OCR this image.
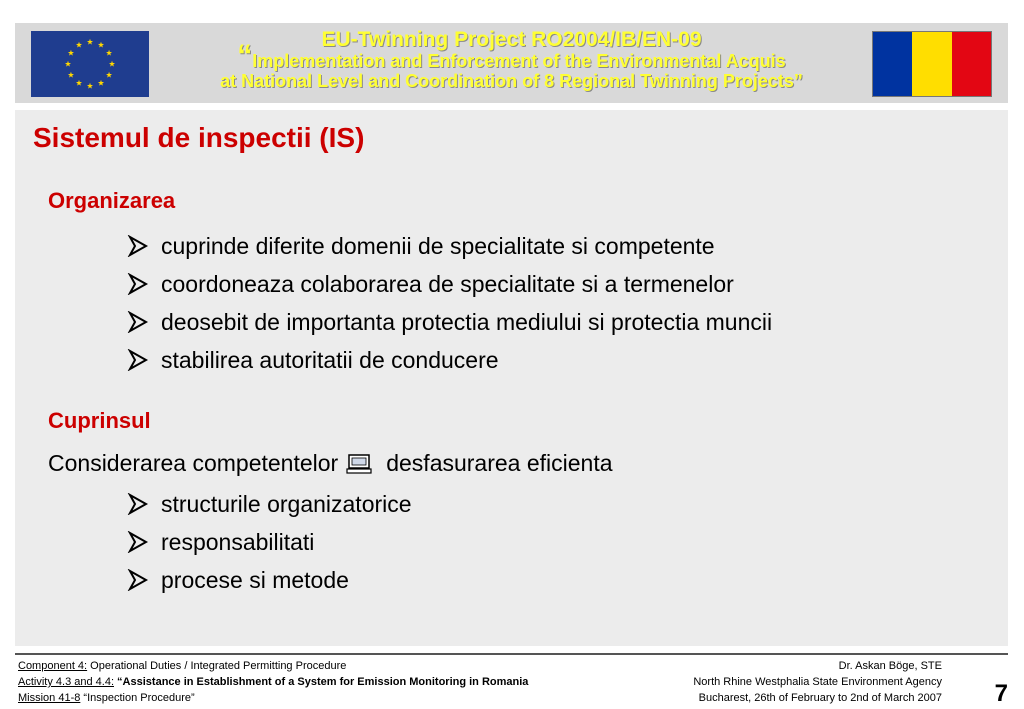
EU-Twinning Project RO2004/IB/EN-09
“Implementation and Enforcement of the Environmental Acquis
at National Level and Coordination of 8 Regional Twinning Projects”
Sistemul de inspectii (IS)
Organizarea
cuprinde diferite domenii de specialitate si competente
coordoneaza colaborarea de specialitate si a termenelor
deosebit de importanta protectia mediului si protectia muncii
stabilirea autoritatii de conducere
Cuprinsul
Considerarea competentelor desfasurarea eficienta
structurile organizatorice
responsabilitati
procese si metode
Component 4: Operational Duties / Integrated Permitting Procedure
Activity 4.3 and 4.4: “Assistance in Establishment of a System for Emission Monitoring in Romania
Mission 41-8 “Inspection Procedure”
Dr. Askan Böge, STE
North Rhine Westphalia State Environment Agency
Bucharest, 26th of February to 2nd of March 2007 7
